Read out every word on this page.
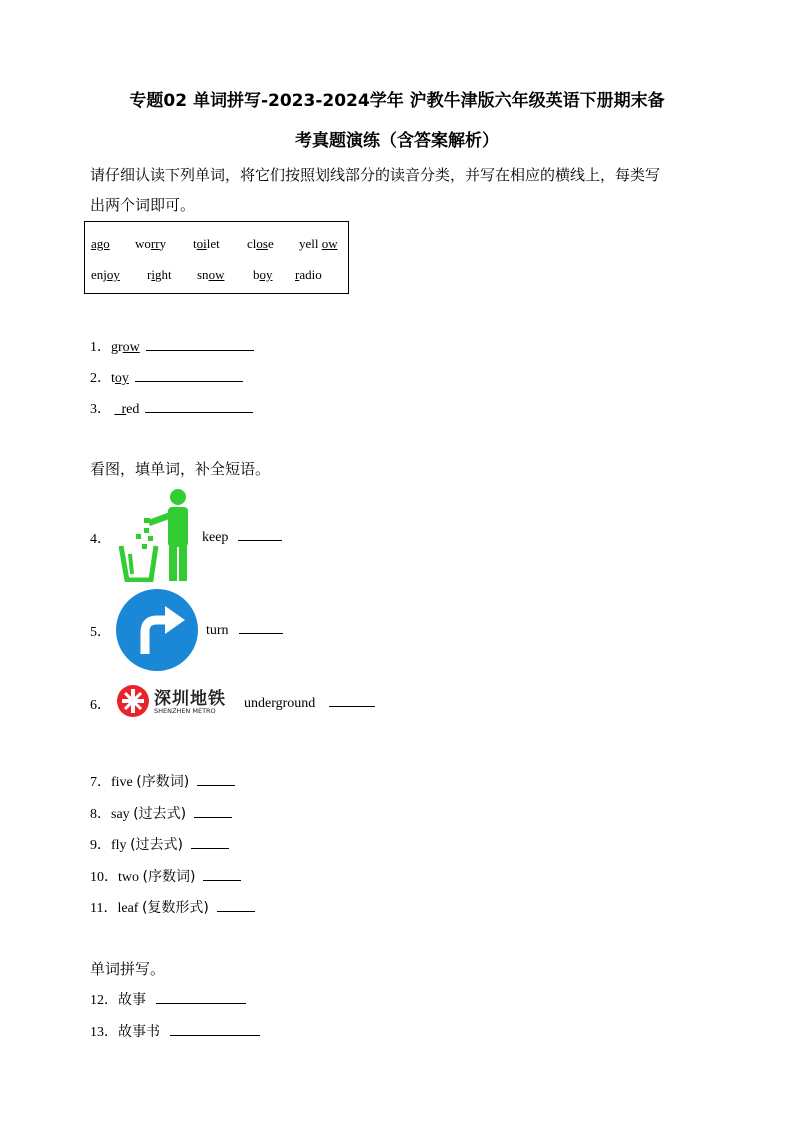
专题02 单词拼写-2023-2024学年 沪教牛津版六年级英语下册期末备
考真题演练（含答案解析）
请仔细认读下列单词，将它们按照划线部分的读音分类，并写在相应的横线上，每类写
出两个词即可。
ago worry toilet close yell ow
enjoy right snow boy radio
1．grow
2．toy
3． _red
看图，填单词，补全短语。
4．	keep
5．	turn
6．	深圳地铁
SHENZHEN METRO underground
7．five (序数词)
8．say (过去式)
9．fly (过去式)
10．two (序数词)
11．leaf (复数形式)
单词拼写。
12．故事
13．故事书
